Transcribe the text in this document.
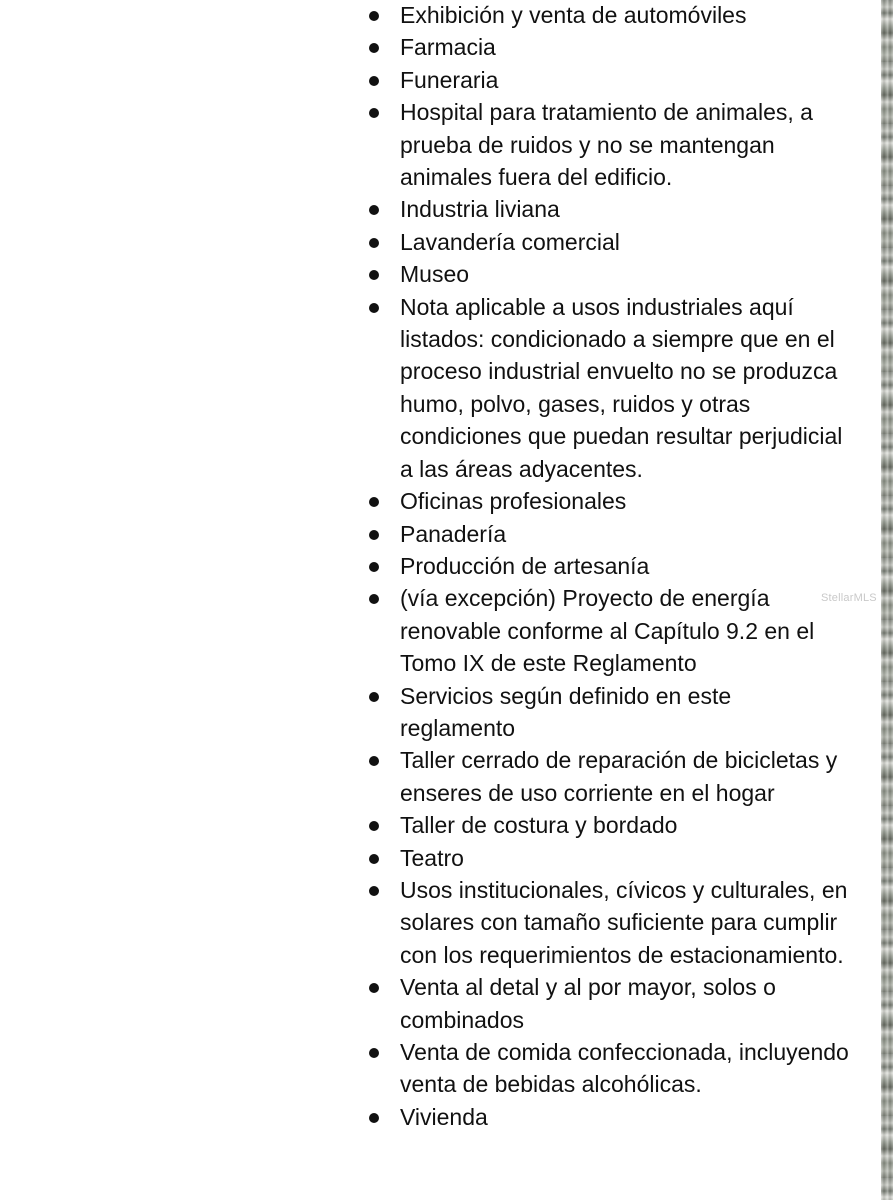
Exhibición y venta de automóviles
Farmacia
Funeraria
Hospital para tratamiento de animales, a prueba de ruidos y no se mantengan animales fuera del edificio.
Industria liviana
Lavandería comercial
Museo
Nota aplicable a usos industriales aquí listados: condicionado a siempre que en el proceso industrial envuelto no se produzca humo, polvo, gases, ruidos y otras condiciones que puedan resultar perjudicial a las áreas adyacentes.
Oficinas profesionales
Panadería
Producción de artesanía
(vía excepción) Proyecto de energía renovable conforme al Capítulo 9.2 en el Tomo IX de este Reglamento
Servicios según definido en este reglamento
Taller cerrado de reparación de bicicletas y enseres de uso corriente en el hogar
Taller de costura y bordado
Teatro
Usos institucionales, cívicos y culturales, en solares con tamaño suficiente para cumplir con los requerimientos de estacionamiento.
Venta al detal y al por mayor, solos o combinados
Venta de comida confeccionada, incluyendo venta de bebidas alcohólicas.
Vivienda
StellarMLS
